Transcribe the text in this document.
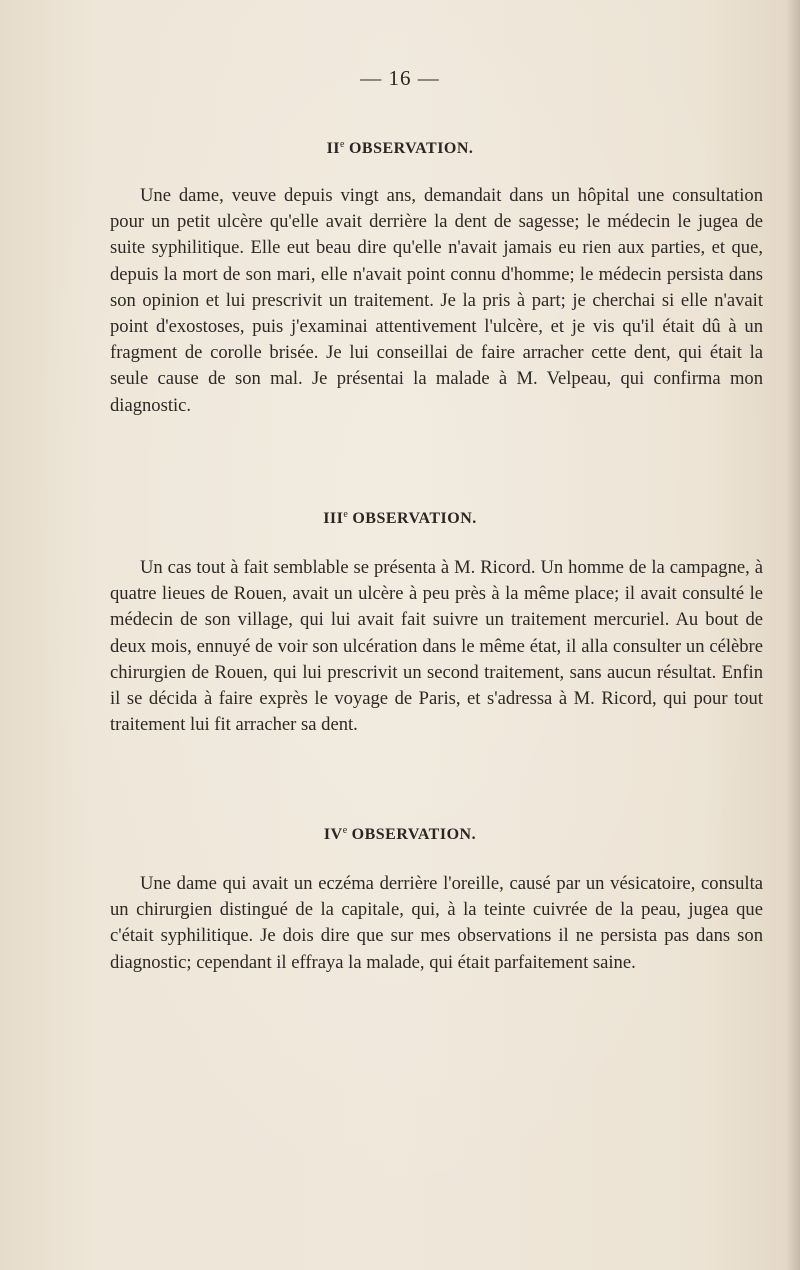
— 16 —
IIe OBSERVATION.

Une dame, veuve depuis vingt ans, demandait dans un hôpital une consultation pour un petit ulcère qu'elle avait derrière la dent de sagesse; le médecin le jugea de suite syphilitique. Elle eut beau dire qu'elle n'avait jamais eu rien aux parties, et que, depuis la mort de son mari, elle n'avait point connu d'homme; le médecin persista dans son opinion et lui prescrivit un traitement. Je la pris à part; je cherchai si elle n'avait point d'exostoses, puis j'examinai attentivement l'ulcère, et je vis qu'il était dû à un fragment de corolle brisée. Je lui conseillai de faire arracher cette dent, qui était la seule cause de son mal. Je présentai la malade à M. Velpeau, qui confirma mon diagnostic.

IIIe OBSERVATION.

Un cas tout à fait semblable se présenta à M. Ricord. Un homme de la campagne, à quatre lieues de Rouen, avait un ulcère à peu près à la même place; il avait consulté le médecin de son village, qui lui avait fait suivre un traitement mercuriel. Au bout de deux mois, ennuyé de voir son ulcération dans le même état, il alla consulter un célèbre chirurgien de Rouen, qui lui prescrivit un second traitement, sans aucun résultat. Enfin il se décida à faire exprès le voyage de Paris, et s'adressa à M. Ricord, qui pour tout traitement lui fit arracher sa dent.

IVe OBSERVATION.

Une dame qui avait un eczéma derrière l'oreille, causé par un vésicatoire, consulta un chirurgien distingué de la capitale, qui, à la teinte cuivrée de la peau, jugea que c'était syphilitique. Je dois dire que sur mes observations il ne persista pas dans son diagnostic; cependant il effraya la malade, qui était parfaitement saine.
